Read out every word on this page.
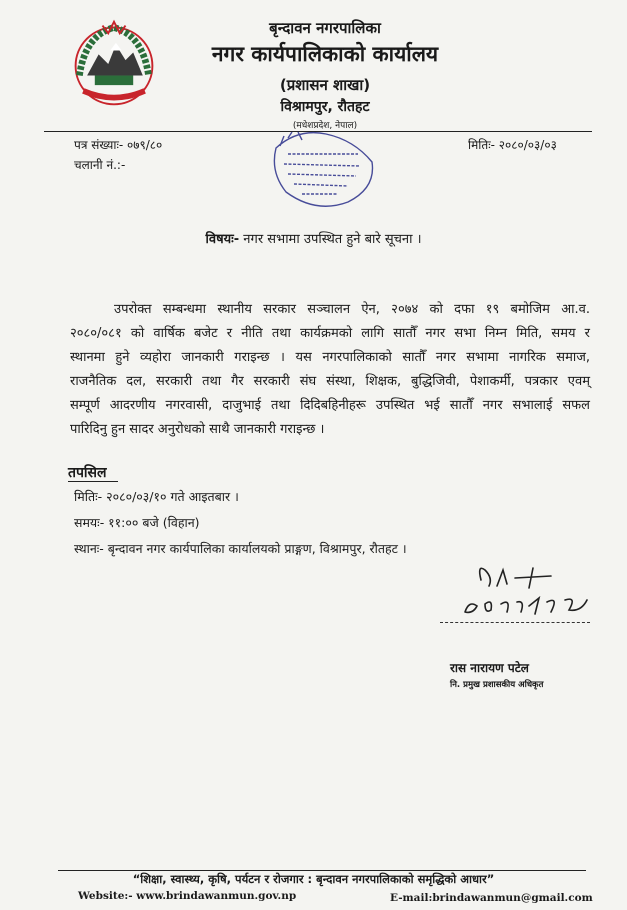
बृन्दावन नगरपालिका
नगर कार्यपालिकाको कार्यालय
(प्रशासन शाखा)
विश्रामपुर, रौतहट
(मधेशप्रदेश, नेपाल)
पत्र संख्याः- ०७९/८०
चलानी नं.:-
मितिः- २०८०/०३/०३
विषयः- नगर सभामा उपस्थित हुने बारे सूचना ।
उपरोक्त सम्बन्धमा स्थानीय सरकार सञ्चालन ऐन, २०७४ को दफा १९ बमोजिम आ.व.
२०८०/०८१ को वार्षिक बजेट र नीति तथा कार्यक्रमको लागि सातौँ नगर सभा निम्न मिति, समय र
स्थानमा हुने व्यहोरा जानकारी गराइन्छ । यस नगरपालिकाको सातौँ नगर सभामा नागरिक समाज,
राजनैतिक दल, सरकारी तथा गैर सरकारी संघ संस्था, शिक्षक, बुद्धिजिवी, पेशाकर्मी, पत्रकार एवम्
सम्पूर्ण आदरणीय नगरवासी, दाजुभाई तथा दिदिबहिनीहरू उपस्थित भई सातौँ नगर सभालाई सफल
पारिदिनु हुन सादर अनुरोधको साथै जानकारी गराइन्छ ।
तपसिल
मितिः- २०८०/०३/१० गते आइतबार ।
समयः- ११:०० बजे (विहान)
स्थानः- बृन्दावन नगर कार्यपालिका कार्यालयको प्राङ्गण, विश्रामपुर, रौतहट ।
रास नारायण पटेल
नि. प्रमुख प्रशासकीय अधिकृत
“शिक्षा, स्वास्थ्य, कृषि, पर्यटन र रोजगार : बृन्दावन नगरपालिकाको समृद्धिको आधार”
Website:- www.brindawanmun.gov.np	E-mail:brindawanmun@gmail.com
